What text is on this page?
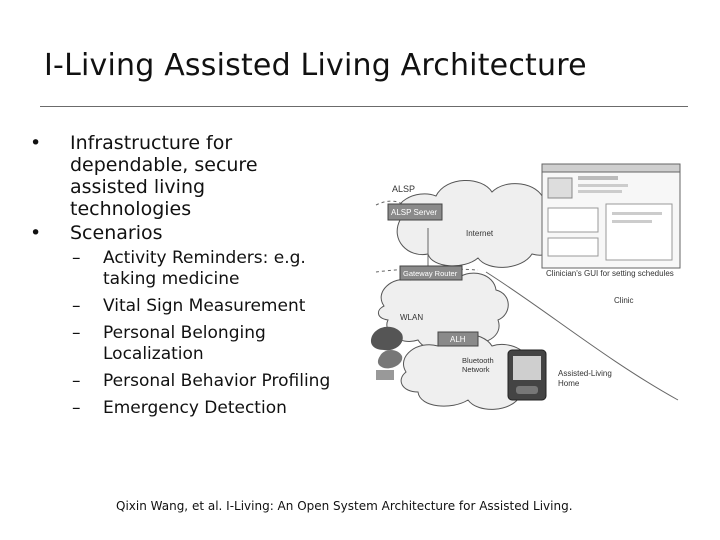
I-Living Assisted Living Architecture
• Infrastructure for
dependable, secure
assisted living
technologies
• Scenarios
– Activity Reminders: e.g.
taking medicine
– Vital Sign Measurement
– Personal Belonging
Localization
– Personal Behavior Profiling
– Emergency Detection
ALSP
ALSP Server
Internet
Gateway Router	Clinician's GUI for setting schedules
Clinic
WLAN
ALH
Bluetooth
Network	Assisted-Living
Home
Qixin Wang, et al. I-Living: An Open System Architecture for Assisted Living.
